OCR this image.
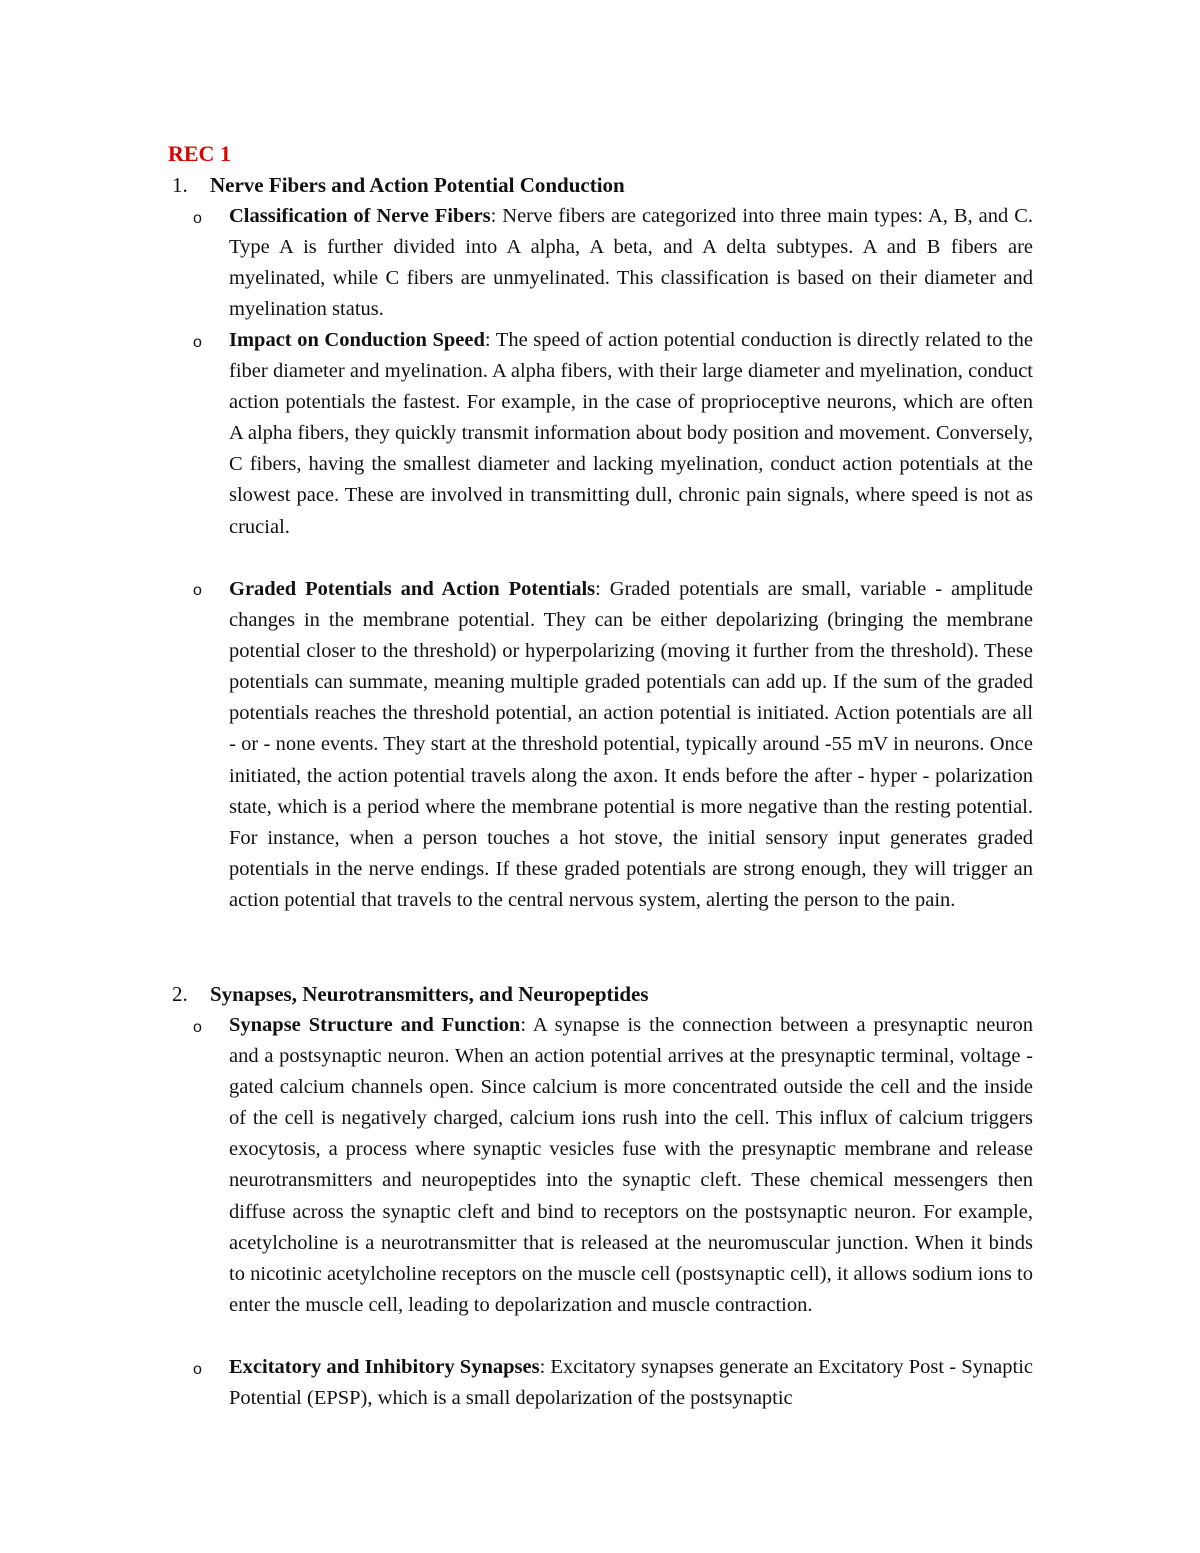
REC 1
1. Nerve Fibers and Action Potential Conduction
o Classification of Nerve Fibers: Nerve fibers are categorized into three main types: A, B, and C. Type A is further divided into A alpha, A beta, and A delta subtypes. A and B fibers are myelinated, while C fibers are unmyelinated. This classification is based on their diameter and myelination status.
o Impact on Conduction Speed: The speed of action potential conduction is directly related to the fiber diameter and myelination. A alpha fibers, with their large diameter and myelination, conduct action potentials the fastest. For example, in the case of proprioceptive neurons, which are often A alpha fibers, they quickly transmit information about body position and movement. Conversely, C fibers, having the smallest diameter and lacking myelination, conduct action potentials at the slowest pace. These are involved in transmitting dull, chronic pain signals, where speed is not as crucial.
o Graded Potentials and Action Potentials: Graded potentials are small, variable - amplitude changes in the membrane potential. They can be either depolarizing (bringing the membrane potential closer to the threshold) or hyperpolarizing (moving it further from the threshold). These potentials can summate, meaning multiple graded potentials can add up. If the sum of the graded potentials reaches the threshold potential, an action potential is initiated. Action potentials are all - or - none events. They start at the threshold potential, typically around -55 mV in neurons. Once initiated, the action potential travels along the axon. It ends before the after - hyper - polarization state, which is a period where the membrane potential is more negative than the resting potential. For instance, when a person touches a hot stove, the initial sensory input generates graded potentials in the nerve endings. If these graded potentials are strong enough, they will trigger an action potential that travels to the central nervous system, alerting the person to the pain.
2. Synapses, Neurotransmitters, and Neuropeptides
o Synapse Structure and Function: A synapse is the connection between a presynaptic neuron and a postsynaptic neuron. When an action potential arrives at the presynaptic terminal, voltage - gated calcium channels open. Since calcium is more concentrated outside the cell and the inside of the cell is negatively charged, calcium ions rush into the cell. This influx of calcium triggers exocytosis, a process where synaptic vesicles fuse with the presynaptic membrane and release neurotransmitters and neuropeptides into the synaptic cleft. These chemical messengers then diffuse across the synaptic cleft and bind to receptors on the postsynaptic neuron. For example, acetylcholine is a neurotransmitter that is released at the neuromuscular junction. When it binds to nicotinic acetylcholine receptors on the muscle cell (postsynaptic cell), it allows sodium ions to enter the muscle cell, leading to depolarization and muscle contraction.
o Excitatory and Inhibitory Synapses: Excitatory synapses generate an Excitatory Post - Synaptic Potential (EPSP), which is a small depolarization of the postsynaptic
